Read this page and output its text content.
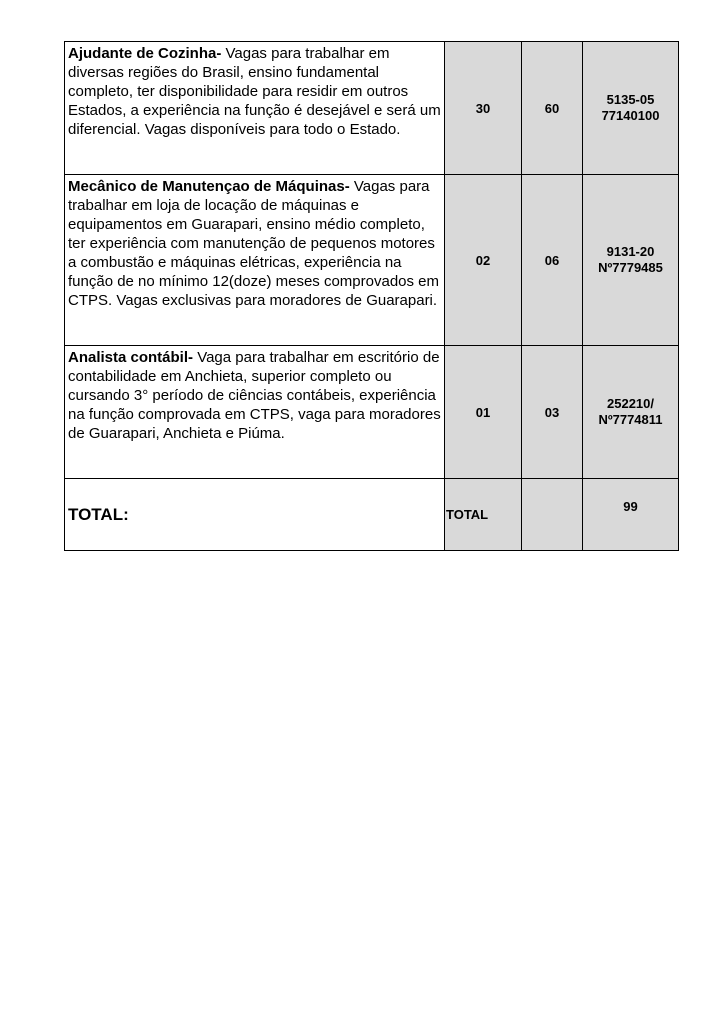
Ajudante de Cozinha- Vagas para trabalhar em diversas regiões do Brasil, ensino fundamental completo, ter disponibilidade para residir em outros Estados, a experiência na função é desejável e será um diferencial. Vagas disponíveis para todo o Estado.	30	60	5135-05
77140100

Mecânico de Manutençao de Máquinas- Vagas para trabalhar em loja de locação de máquinas e equipamentos em Guarapari, ensino médio completo, ter experiência com manutenção de pequenos motores a combustão e máquinas elétricas, experiência na função de no mínimo 12(doze) meses comprovados em CTPS. Vagas exclusivas para moradores de Guarapari.	02	06	9131-20
Nº7779485

Analista contábil- Vaga para trabalhar em escritório de contabilidade em Anchieta, superior completo ou cursando 3° período de ciências contábeis, experiência na função comprovada em CTPS, vaga para moradores de Guarapari, Anchieta e Piúma.	01	03	252210/
Nº7774811

TOTAL:	TOTAL		99
